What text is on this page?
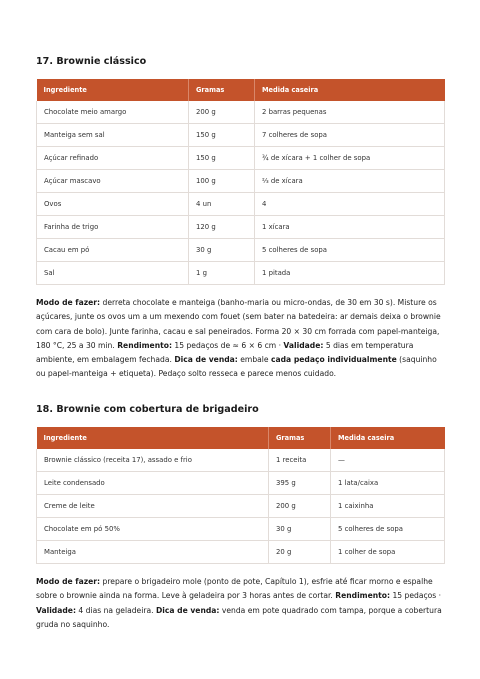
17. Brownie clássico
Ingrediente	Gramas	Medida caseira
Chocolate meio amargo	200 g	2 barras pequenas
Manteiga sem sal	150 g	7 colheres de sopa
Açúcar refinado	150 g	¾ de xícara + 1 colher de sopa
Açúcar mascavo	100 g	⅔ de xícara
Ovos	4 un	4
Farinha de trigo	120 g	1 xícara
Cacau em pó	30 g	5 colheres de sopa
Sal	1 g	1 pitada

Modo de fazer: derreta chocolate e manteiga (banho-maria ou micro-ondas, de 30 em 30 s). Misture os açúcares, junte os ovos um a um mexendo com fouet (sem bater na batedeira: ar demais deixa o brownie com cara de bolo). Junte farinha, cacau e sal peneirados. Forma 20 × 30 cm forrada com papel-manteiga, 180 °C, 25 a 30 min. Rendimento: 15 pedaços de ≈ 6 × 6 cm · Validade: 5 dias em temperatura ambiente, em embalagem fechada. Dica de venda: embale cada pedaço individualmente (saquinho ou papel-manteiga + etiqueta). Pedaço solto resseca e parece menos cuidado.

18. Brownie com cobertura de brigadeiro
Ingrediente	Gramas	Medida caseira
Brownie clássico (receita 17), assado e frio	1 receita	—
Leite condensado	395 g	1 lata/caixa
Creme de leite	200 g	1 caixinha
Chocolate em pó 50%	30 g	5 colheres de sopa
Manteiga	20 g	1 colher de sopa

Modo de fazer: prepare o brigadeiro mole (ponto de pote, Capítulo 1), esfrie até ficar morno e espalhe sobre o brownie ainda na forma. Leve à geladeira por 3 horas antes de cortar. Rendimento: 15 pedaços · Validade: 4 dias na geladeira. Dica de venda: venda em pote quadrado com tampa, porque a cobertura gruda no saquinho.
